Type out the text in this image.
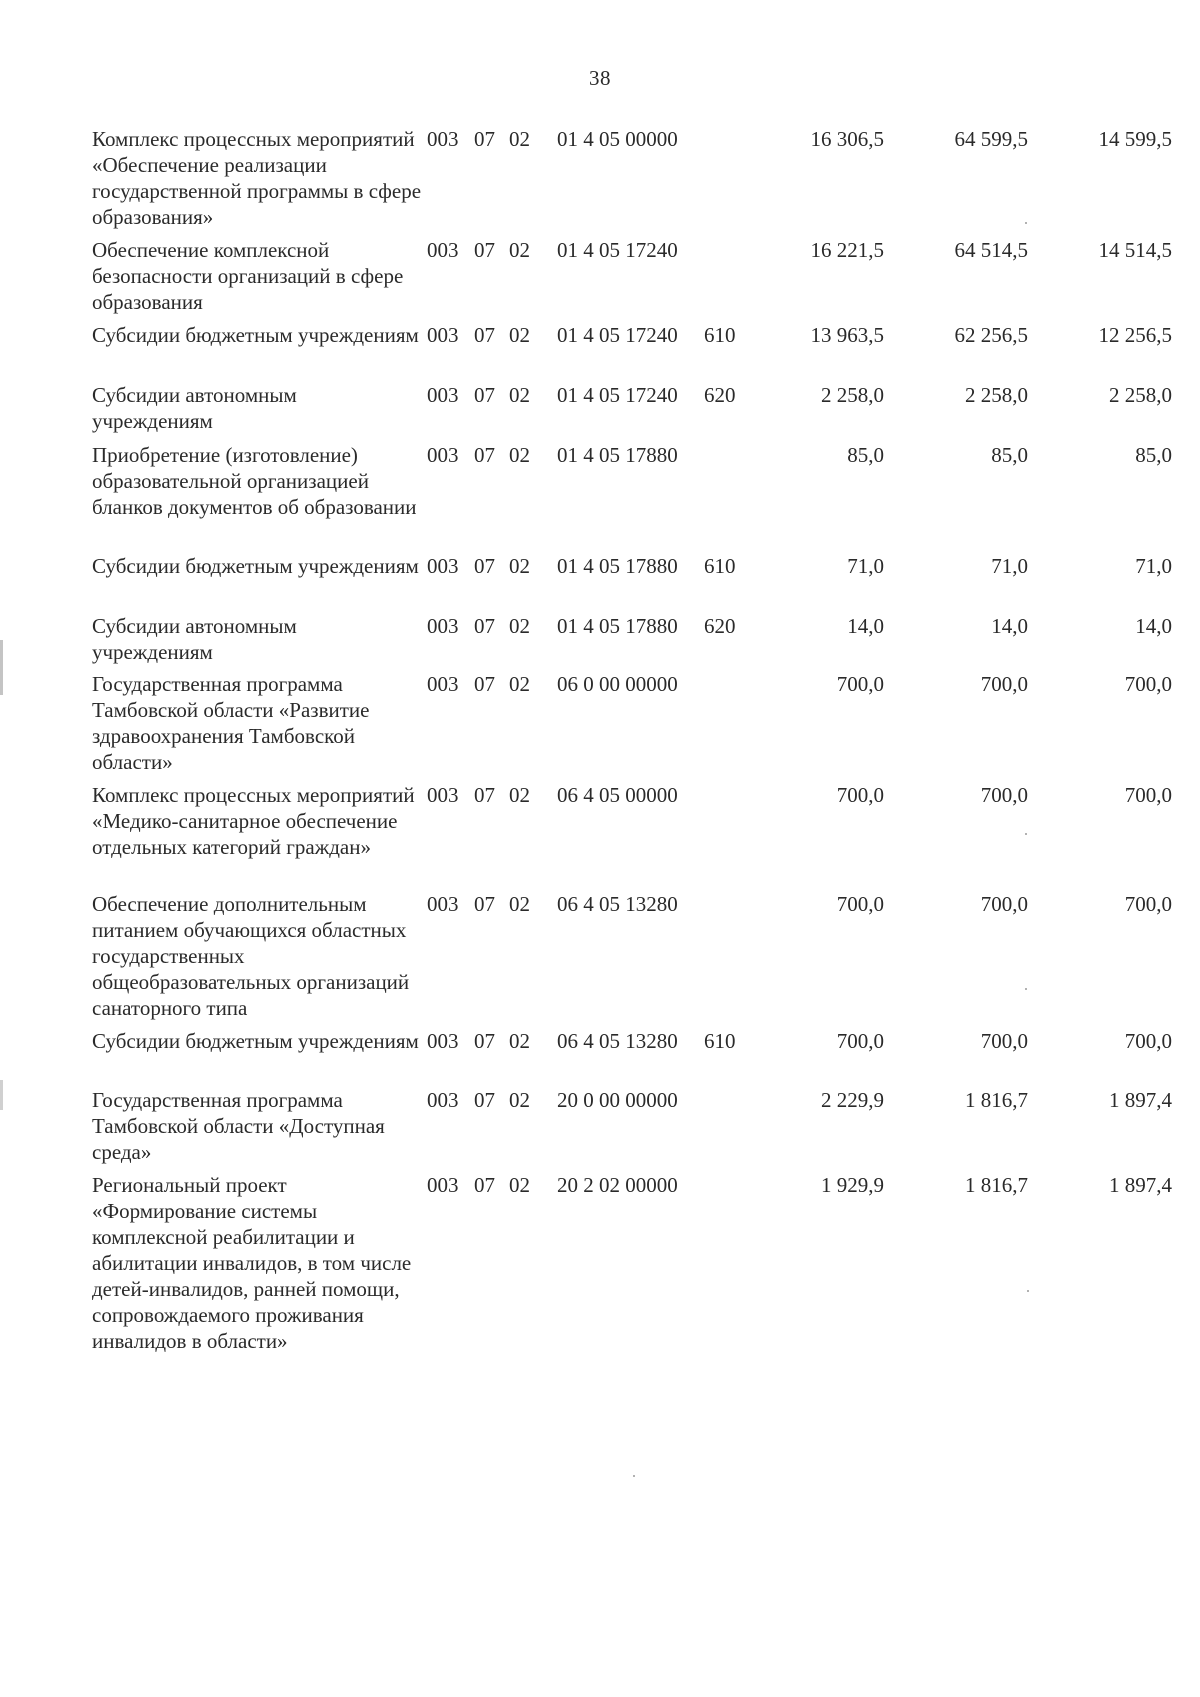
38
Комплекс процессных мероприятий «Обеспечение реализации государственной программы в сфере образования»
003 07 02 01 4 05 00000	16 306,5	64 599,5	14 599,5
Обеспечение комплексной безопасности организаций в сфере образования
003 07 02 01 4 05 17240	16 221,5	64 514,5	14 514,5
Субсидии бюджетным учреждениям 003 07 02 01 4 05 17240 610	13 963,5	62 256,5	12 256,5
Субсидии автономным учреждениям
003 07 02 01 4 05 17240 620	2 258,0	2 258,0	2 258,0
Приобретение (изготовление) образовательной организацией бланков документов об образовании
003 07 02 01 4 05 17880	85,0	85,0	85,0
Субсидии бюджетным учреждениям 003 07 02 01 4 05 17880 610	71,0	71,0	71,0
Субсидии автономным учреждениям
003 07 02 01 4 05 17880 620	14,0	14,0	14,0
Государственная программа Тамбовской области «Развитие здравоохранения Тамбовской области»
003 07 02 06 0 00 00000	700,0	700,0	700,0
Комплекс процессных мероприятий «Медико-санитарное обеспечение отдельных категорий граждан»
003 07 02 06 4 05 00000	700,0	700,0	700,0
Обеспечение дополнительным питанием обучающихся областных государственных общеобразовательных организаций санаторного типа
003 07 02 06 4 05 13280	700,0	700,0	700,0
Субсидии бюджетным учреждениям 003 07 02 06 4 05 13280 610	700,0	700,0	700,0
Государственная программа Тамбовской области «Доступная среда»
003 07 02 20 0 00 00000	2 229,9	1 816,7	1 897,4
Региональный проект «Формирование системы комплексной реабилитации и абилитации инвалидов, в том числе детей-инвалидов, ранней помощи, сопровождаемого проживания инвалидов в области»
003 07 02 20 2 02 00000	1 929,9	1 816,7	1 897,4
